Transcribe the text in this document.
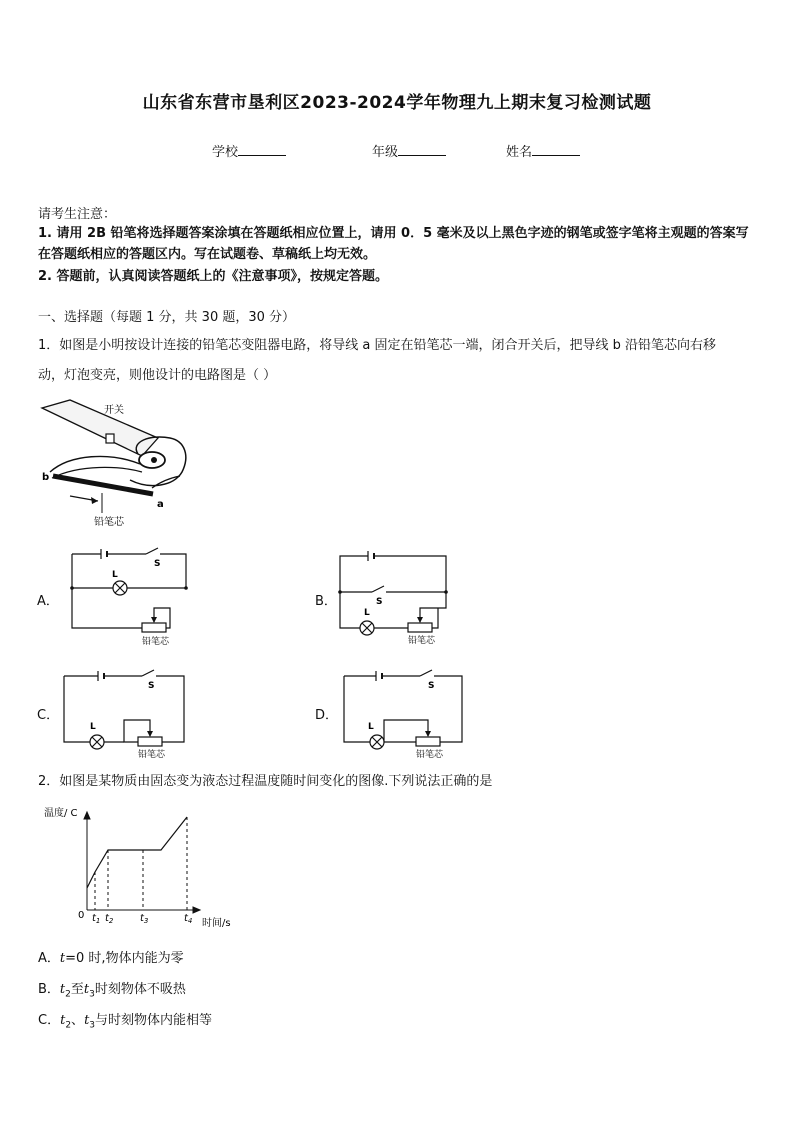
山东省东营市垦利区2023-2024学年物理九上期末复习检测试题
学校	年级	姓名
请考生注意：
1. 请用 2B 铅笔将选择题答案涂填在答题纸相应位置上，请用 0．5 毫米及以上黑色字迹的钢笔或签字笔将主观题的答案写在答题纸相应的答题区内。写在试题卷、草稿纸上均无效。
2. 答题前，认真阅读答题纸上的《注意事项》，按规定答题。
一、选择题（每题 1 分，共 30 题，30 分）
1．如图是小明按设计连接的铅笔芯变阻器电路，将导线 a 固定在铅笔芯一端，闭合开关后，把导线 b 沿铅笔芯向右移
动，灯泡变亮，则他设计的电路图是（ ）
开关
b
a
铅笔芯
A．
S
L
铅笔芯
B．	S
L
铅笔芯
C．
S
L
铅笔芯
D．
S
L
铅笔芯
2．如图是某物质由固态变为液态过程温度随时间变化的图像.下列说法正确的是
温度/ C
0
时间/s
$t_1$ $t_2$	$t_3$	$t_4$
A．t=0 时,物体内能为零
B．$t_2$至$t_3$时刻物体不吸热
C．$t_2$、$t_3$与时刻物体内能相等
